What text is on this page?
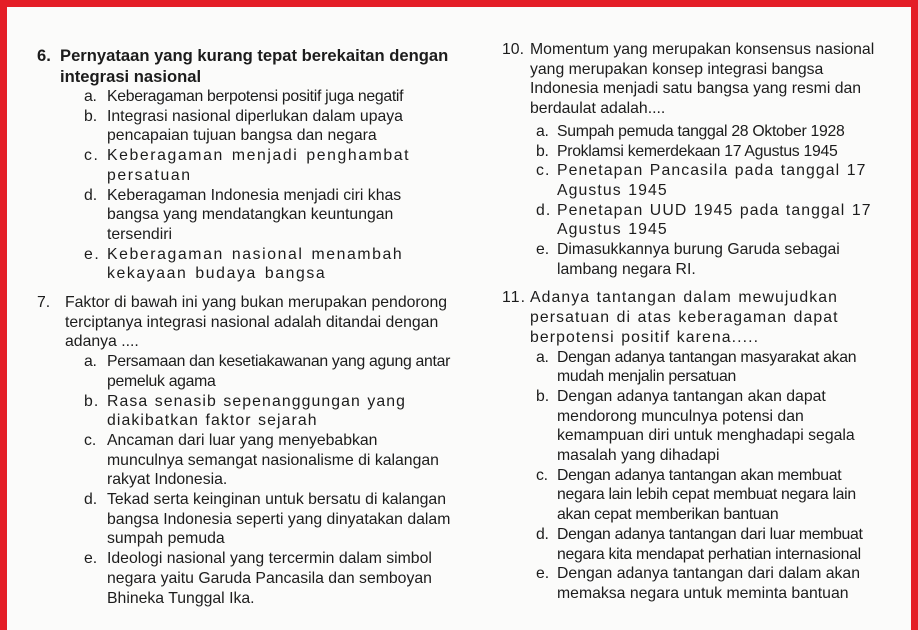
6. Pernyataan yang kurang tepat berekaitan dengan integrasi nasional
a. Keberagaman berpotensi positif juga negatif
b. Integrasi nasional diperlukan dalam upaya pencapaian tujuan bangsa dan negara
c. Keberagaman menjadi penghambat persatuan
d. Keberagaman Indonesia menjadi ciri khas bangsa yang mendatangkan keuntungan tersendiri
e. Keberagaman nasional menambah kekayaan budaya bangsa
7. Faktor di bawah ini yang bukan merupakan pendorong terciptanya integrasi nasional adalah ditandai dengan adanya ....
a. Persamaan dan kesetiakawanan yang agung antar pemeluk agama
b. Rasa senasib sepenanggungan yang diakibatkan faktor sejarah
c. Ancaman dari luar yang menyebabkan munculnya semangat nasionalisme di kalangan rakyat Indonesia.
d. Tekad serta keinginan untuk bersatu di kalangan bangsa Indonesia seperti yang dinyatakan dalam sumpah pemuda
e. Ideologi nasional yang tercermin dalam simbol negara yaitu Garuda Pancasila dan semboyan Bhineka Tunggal Ika.
10. Momentum yang merupakan konsensus nasional yang merupakan konsep integrasi bangsa Indonesia menjadi satu bangsa yang resmi dan berdaulat adalah....
a. Sumpah pemuda tanggal 28 Oktober 1928
b. Proklamsi kemerdekaan 17 Agustus 1945
c. Penetapan Pancasila pada tanggal 17 Agustus 1945
d. Penetapan UUD 1945 pada tanggal 17 Agustus 1945
e. Dimasukkannya burung Garuda sebagai lambang negara RI.
11. Adanya tantangan dalam mewujudkan persatuan di atas keberagaman dapat berpotensi positif karena.....
a. Dengan adanya tantangan masyarakat akan mudah menjalin persatuan
b. Dengan adanya tantangan akan dapat mendorong munculnya potensi dan kemampuan diri untuk menghadapi segala masalah yang dihadapi
c. Dengan adanya tantangan akan membuat negara lain lebih cepat membuat negara lain akan cepat memberikan bantuan
d. Dengan adanya tantangan dari luar membuat negara kita mendapat perhatian internasional
e. Dengan adanya tantangan dari dalam akan memaksa negara untuk meminta bantuan
